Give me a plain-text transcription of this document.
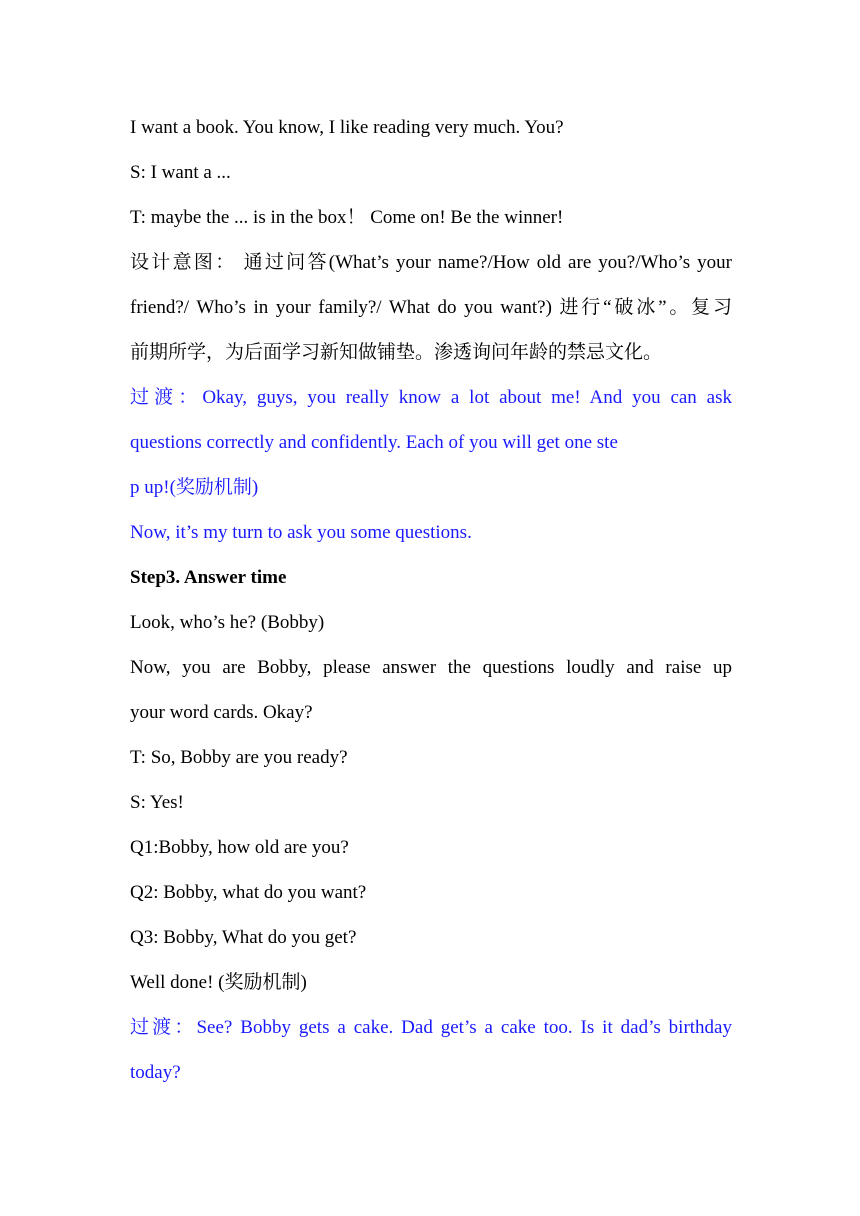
I want a book. You know, I like reading very much. You?
S: I want a ...
T: maybe the ... is in the box！ Come on! Be the winner!
设计意图： 通过问答(What’s your name?/How old are you?/Who’s your
friend?/ Who’s in your family?/ What do you want?) 进行“破冰”。复习
前期所学，为后面学习新知做铺垫。渗透询问年龄的禁忌文化。
过渡：Okay, guys, you really know a lot about me! And you can ask
questions correctly and confidently. Each of you will get one ste
p up!(奖励机制)
Now, it’s my turn to ask you some questions.
Step3. Answer time
Look, who’s he? (Bobby)
Now, you are Bobby, please answer the questions loudly and raise up
your word cards. Okay?
T: So, Bobby are you ready?
S: Yes!
Q1:Bobby, how old are you?
Q2: Bobby, what do you want?
Q3: Bobby, What do you get?
Well done! (奖励机制)
过渡：See? Bobby gets a cake. Dad get’s a cake too. Is it dad’s birthday
today?
